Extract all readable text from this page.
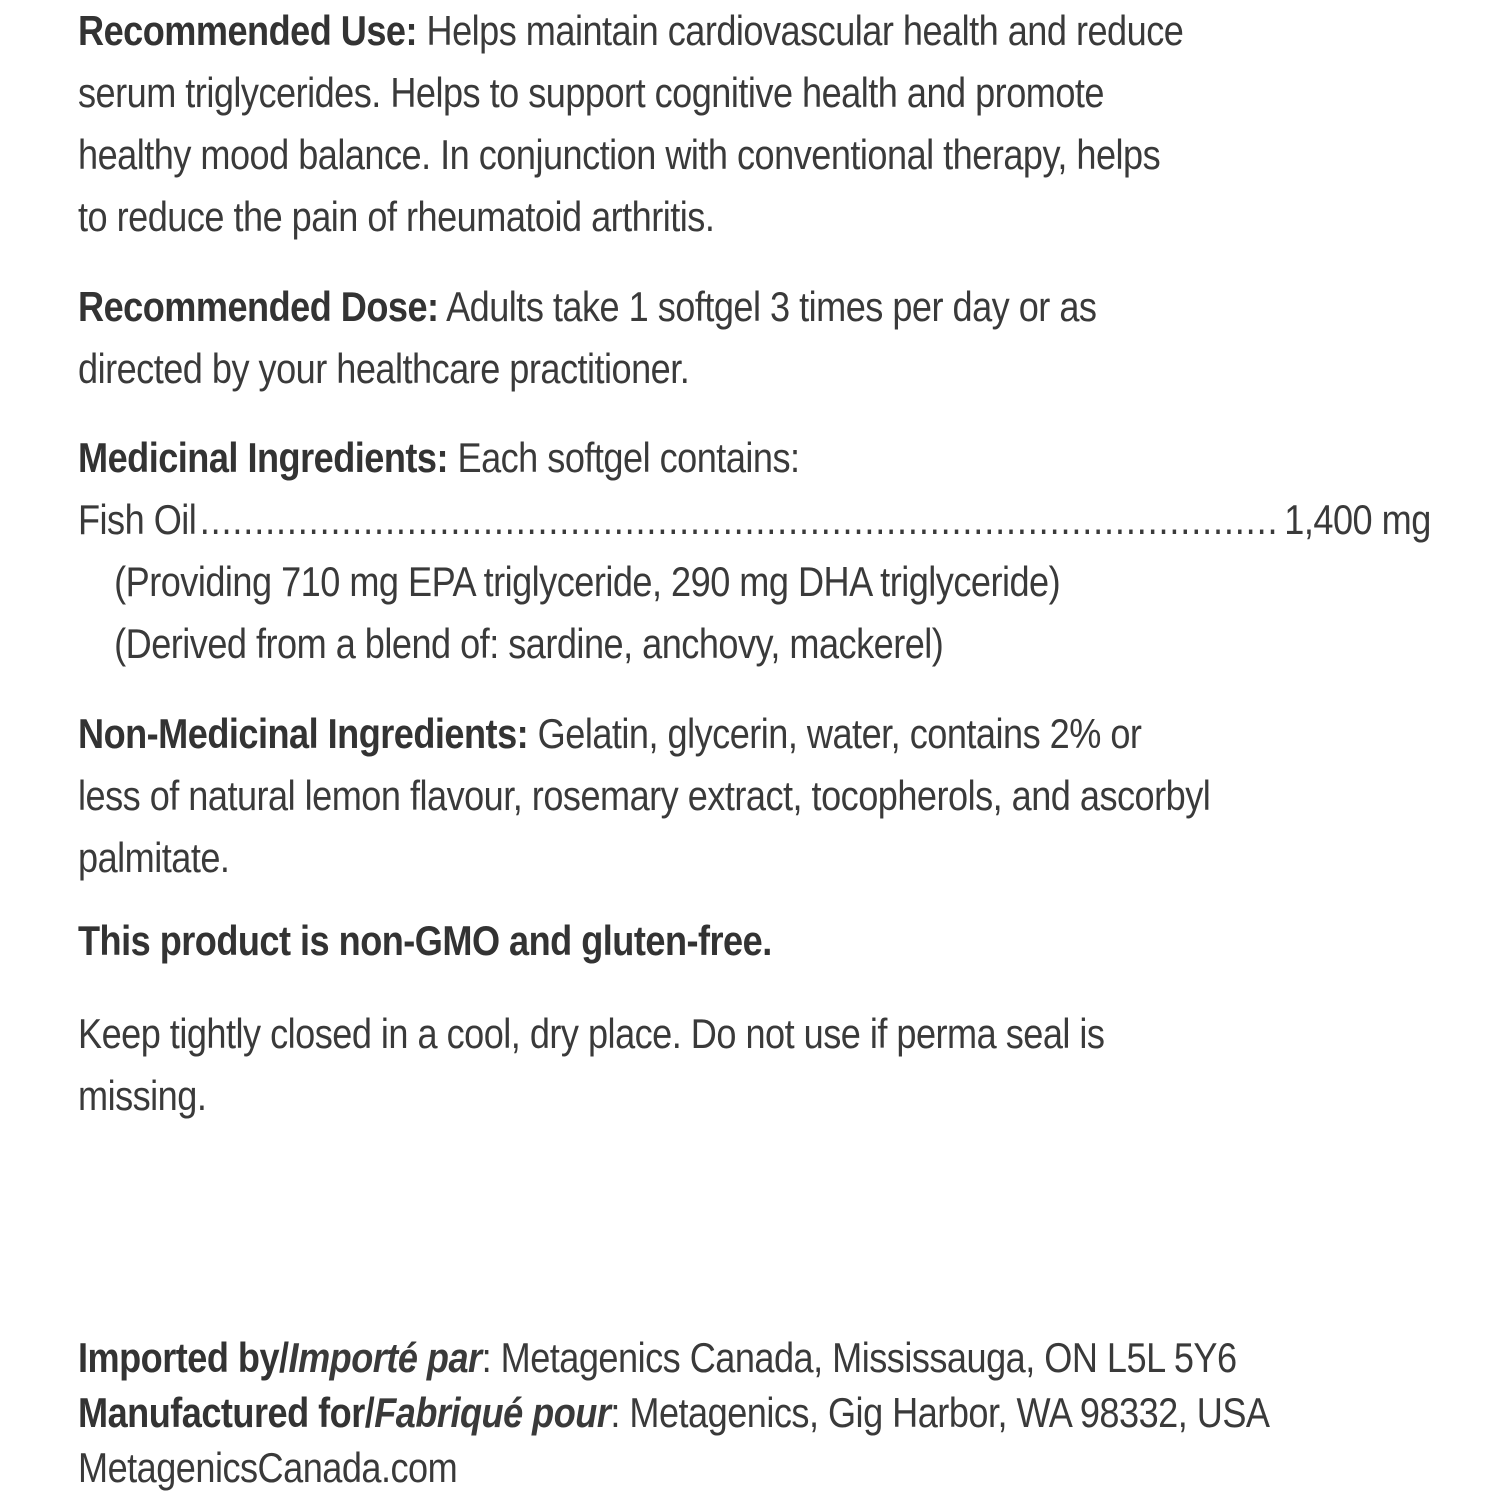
Recommended Use: Helps maintain cardiovascular health and reduce
serum triglycerides. Helps to support cognitive health and promote
healthy mood balance. In conjunction with conventional therapy, helps
to reduce the pain of rheumatoid arthritis.
Recommended Dose: Adults take 1 softgel 3 times per day or as
directed by your healthcare practitioner.
Medicinal Ingredients: Each softgel contains:
Fish Oil
.....	1,400 mg
(Providing 710 mg EPA triglyceride, 290 mg DHA triglyceride)
(Derived from a blend of: sardine, anchovy, mackerel)
Non-Medicinal Ingredients: Gelatin, glycerin, water, contains 2% or
less of natural lemon flavour, rosemary extract, tocopherols, and ascorbyl
palmitate.
This product is non-GMO and gluten-free.
Keep tightly closed in a cool, dry place. Do not use if perma seal is
missing.
Imported by/Importé par: Metagenics Canada, Mississauga, ON L5L 5Y6
Manufactured for/Fabriqué pour: Metagenics, Gig Harbor, WA 98332, USA
MetagenicsCanada.com
